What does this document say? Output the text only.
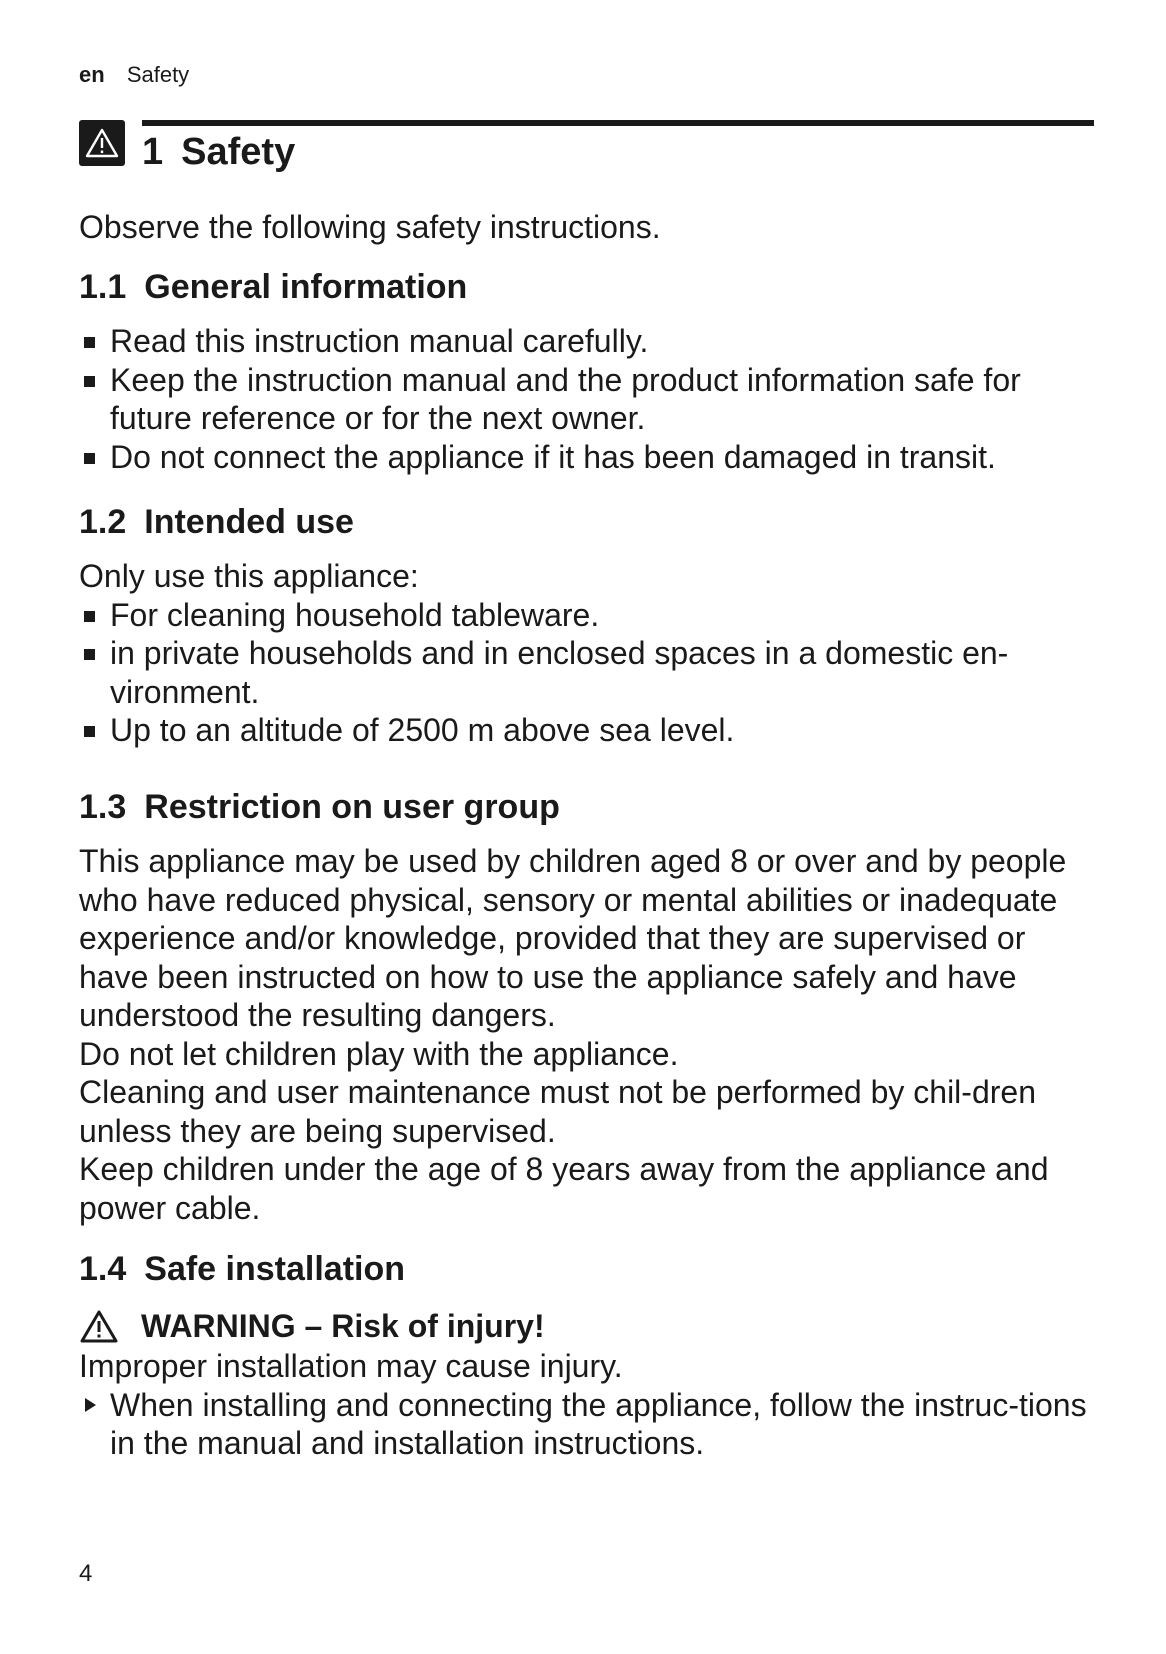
en Safety
1 Safety

Observe the following safety instructions.

1.1 General information
Read this instruction manual carefully.
Keep the instruction manual and the product information safe for future reference or for the next owner.
Do not connect the appliance if it has been damaged in transit.
1.2 Intended use

Only use this appliance:

For cleaning household tableware.
in private households and in enclosed spaces in a domestic en-vironment.
Up to an altitude of 2500 m above sea level.
1.3 Restriction on user group

This appliance may be used by children aged 8 or over and by people who have reduced physical, sensory or mental abilities or inadequate experience and/or knowledge, provided that they are supervised or have been instructed on how to use the appliance safely and have understood the resulting dangers.

Do not let children play with the appliance.

Cleaning and user maintenance must not be performed by chil-dren unless they are being supervised.

Keep children under the age of 8 years away from the appliance and power cable.

1.4 Safe installation
WARNING – Risk of injury!

Improper installation may cause injury.

When installing and connecting the appliance, follow the instruc-tions in the manual and installation instructions.
4
